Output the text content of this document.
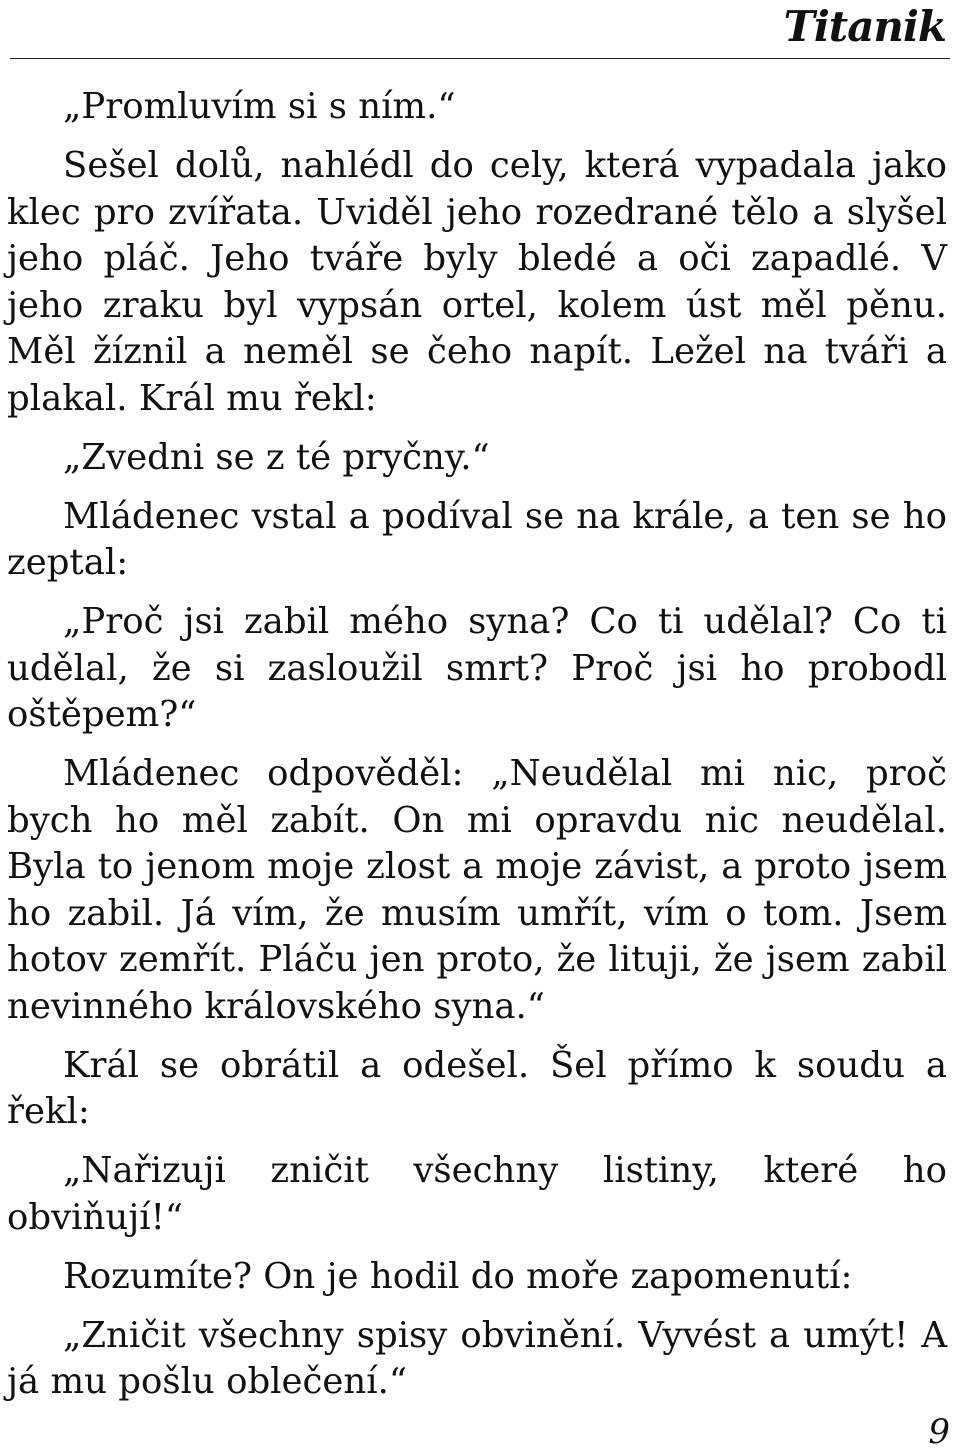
Titanik

„Promluvím si s ním.“

Sešel dolů, nahlédl do cely, která vypadala jako klec pro zvířata. Uviděl jeho rozedrané tělo a slyšel jeho pláč. Jeho tváře byly bledé a oči zapadlé. V jeho zraku byl vypsán ortel, kolem úst měl pěnu. Měl žíznil a neměl se čeho napít. Ležel na tváři a plakal. Král mu řekl:

„Zvedni se z té pryčny.“

Mládenec vstal a podíval se na krále, a ten se ho zeptal:

„Proč jsi zabil mého syna? Co ti udělal? Co ti udělal, že si zasloužil smrt? Proč jsi ho probodl oštěpem?“

Mládenec odpověděl: „Neudělal mi nic, proč bych ho měl zabít. On mi opravdu nic neudělal. Byla to jenom moje zlost a moje závist, a proto jsem ho zabil. Já vím, že musím umřít, vím o tom. Jsem hotov zemřít. Pláču jen proto, že lituji, že jsem zabil nevinného královského syna.“

Král se obrátil a odešel. Šel přímo k soudu a řekl:

„Nařizuji zničit všechny listiny, které ho obviňují!“

Rozumíte? On je hodil do moře zapomenutí:

„Zničit všechny spisy obvinění. Vyvést a umýt! A já mu pošlu oblečení.“

9
